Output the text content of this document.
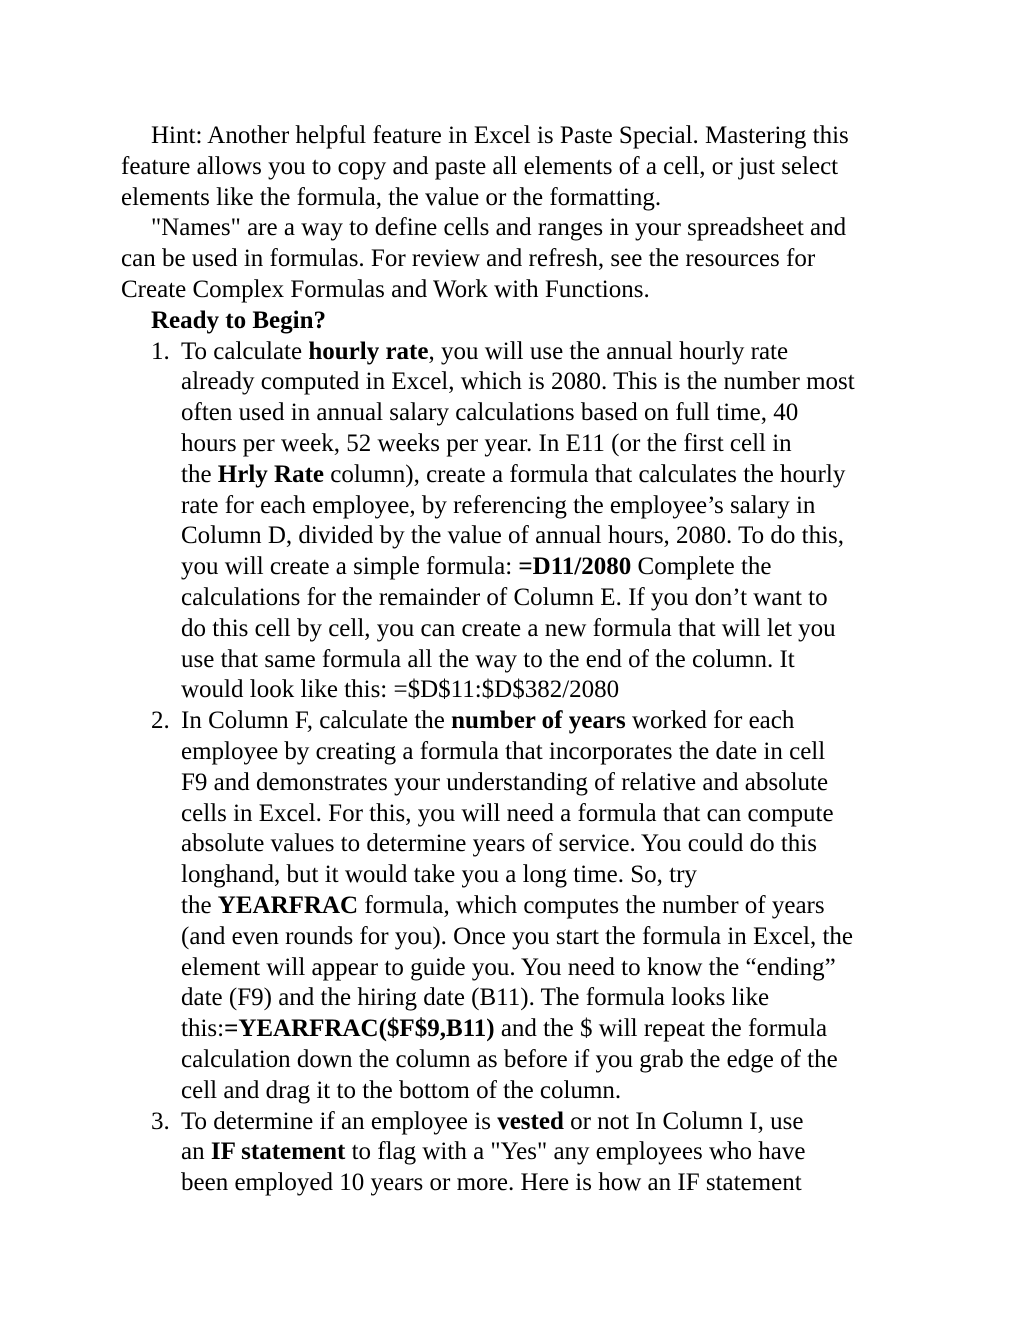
Hint: Another helpful feature in Excel is Paste Special. Mastering this
feature allows you to copy and paste all elements of a cell, or just select
elements like the formula, the value or the formatting.

"Names" are a way to define cells and ranges in your spreadsheet and
can be used in formulas. For review and refresh, see the resources for
Create Complex Formulas and Work with Functions.

Ready to Begin?

1. To calculate hourly rate, you will use the annual hourly rate
already computed in Excel, which is 2080. This is the number most
often used in annual salary calculations based on full time, 40
hours per week, 52 weeks per year. In E11 (or the first cell in
the Hrly Rate column), create a formula that calculates the hourly
rate for each employee, by referencing the employee’s salary in
Column D, divided by the value of annual hours, 2080. To do this,
you will create a simple formula: =D11/2080 Complete the
calculations for the remainder of Column E. If you don’t want to
do this cell by cell, you can create a new formula that will let you
use that same formula all the way to the end of the column. It
would look like this: =$D$11:$D$382/2080
2. In Column F, calculate the number of years worked for each
employee by creating a formula that incorporates the date in cell
F9 and demonstrates your understanding of relative and absolute
cells in Excel. For this, you will need a formula that can compute
absolute values to determine years of service. You could do this
longhand, but it would take you a long time. So, try
the YEARFRAC formula, which computes the number of years
(and even rounds for you). Once you start the formula in Excel, the
element will appear to guide you. You need to know the “ending”
date (F9) and the hiring date (B11). The formula looks like
this:=YEARFRAC($F$9,B11) and the $ will repeat the formula
calculation down the column as before if you grab the edge of the
cell and drag it to the bottom of the column.
3. To determine if an employee is vested or not In Column I, use
an IF statement to flag with a "Yes" any employees who have
been employed 10 years or more. Here is how an IF statement
